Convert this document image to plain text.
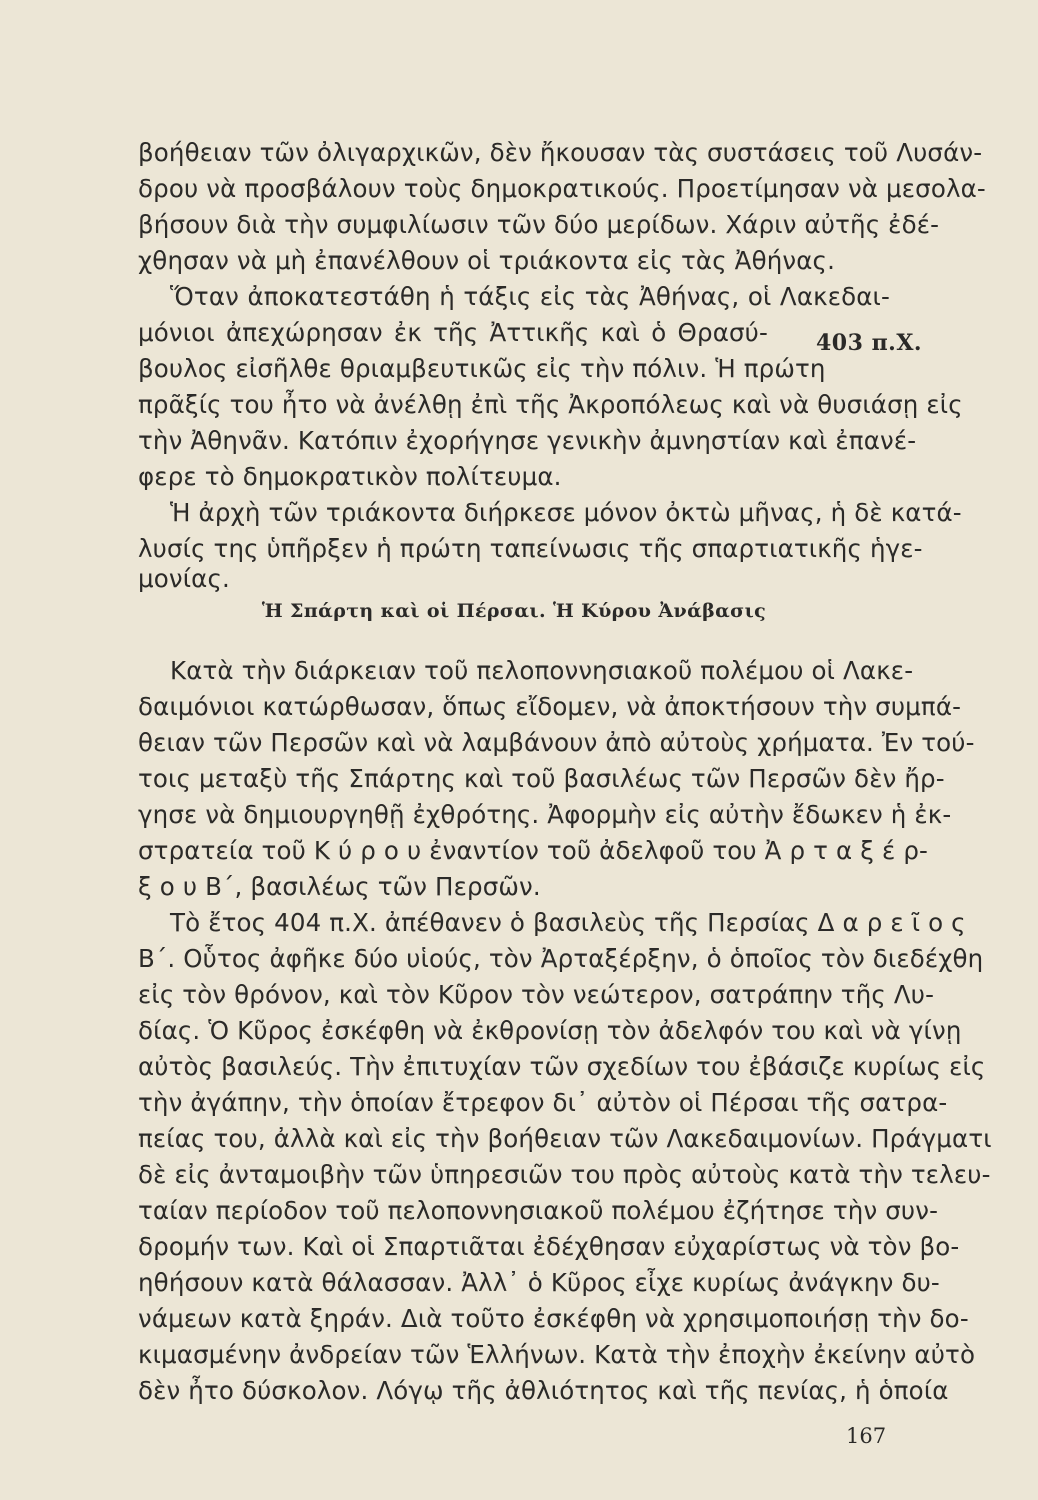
βοήθειαν τῶν ὀλιγαρχικῶν, δὲν ἤκουσαν τὰς συστάσεις τοῦ Λυσάν-
δρου νὰ προσβάλουν τοὺς δημοκρατικούς. Προετίμησαν νὰ μεσολα-
βήσουν διὰ τὴν συμφιλίωσιν τῶν δύο μερίδων. Χάριν αὐτῆς ἐδέ-
χθησαν νὰ μὴ ἐπανέλθουν οἱ τριάκοντα εἰς τὰς Ἀθήνας.
Ὅταν ἀποκατεστάθη ἡ τάξις εἰς τὰς Ἀθήνας, οἱ Λακεδαι-
μόνιοι ἀπεχώρησαν ἐκ τῆς Ἀττικῆς καὶ ὁ Θρασύ- 403 π.Χ.
βουλος εἰσῆλθε θριαμβευτικῶς εἰς τὴν πόλιν. Ἡ πρώτη
πρᾶξίς του ἦτο νὰ ἀνέλθῃ ἐπὶ τῆς Ἀκροπόλεως καὶ νὰ θυσιάσῃ εἰς
τὴν Ἀθηνᾶν. Κατόπιν ἐχορήγησε γενικὴν ἀμνηστίαν καὶ ἐπανέ-
φερε τὸ δημοκρατικὸν πολίτευμα.
Ἡ ἀρχὴ τῶν τριάκοντα διήρκεσε μόνον ὀκτὼ μῆνας, ἡ δὲ κατά-
λυσίς της ὑπῆρξεν ἡ πρώτη ταπείνωσις τῆς σπαρτιατικῆς ἡγε-
μονίας.
Ἡ Σπάρτη καὶ οἱ Πέρσαι. Ἡ Κύρου Ἀνάβασις
Κατὰ τὴν διάρκειαν τοῦ πελοποννησιακοῦ πολέμου οἱ Λακε-
δαιμόνιοι κατώρθωσαν, ὅπως εἴδομεν, νὰ ἀποκτήσουν τὴν συμπά-
θειαν τῶν Περσῶν καὶ νὰ λαμβάνουν ἀπὸ αὐτοὺς χρήματα. Ἐν τού-
τοις μεταξὺ τῆς Σπάρτης καὶ τοῦ βασιλέως τῶν Περσῶν δὲν ἤρ-
γησε νὰ δημιουργηθῇ ἐχθρότης. Ἀφορμὴν εἰς αὐτὴν ἔδωκεν ἡ ἐκ-
στρατεία τοῦ Κ ύ ρ ο υ ἐναντίον τοῦ ἀδελφοῦ του Ἀ ρ τ α ξ έ ρ-
ξ ο υ Β΄, βασιλέως τῶν Περσῶν.
Τὸ ἔτος 404 π.Χ. ἀπέθανεν ὁ βασιλεὺς τῆς Περσίας Δ α ρ ε ῖ ο ς
Β΄. Οὗτος ἀφῆκε δύο υἱούς, τὸν Ἀρταξέρξην, ὁ ὁποῖος τὸν διεδέχθη
εἰς τὸν θρόνον, καὶ τὸν Κῦρον τὸν νεώτερον, σατράπην τῆς Λυ-
δίας. Ὁ Κῦρος ἐσκέφθη νὰ ἐκθρονίσῃ τὸν ἀδελφόν του καὶ νὰ γίνῃ
αὐτὸς βασιλεύς. Τὴν ἐπιτυχίαν τῶν σχεδίων του ἐβάσιζε κυρίως εἰς
τὴν ἀγάπην, τὴν ὁποίαν ἔτρεφον δι᾽ αὐτὸν οἱ Πέρσαι τῆς σατρα-
πείας του, ἀλλὰ καὶ εἰς τὴν βοήθειαν τῶν Λακεδαιμονίων. Πράγματι
δὲ εἰς ἀνταμοιβὴν τῶν ὑπηρεσιῶν του πρὸς αὐτοὺς κατὰ τὴν τελευ-
ταίαν περίοδον τοῦ πελοποννησιακοῦ πολέμου ἐζήτησε τὴν συν-
δρομήν των. Καὶ οἱ Σπαρτιᾶται ἐδέχθησαν εὐχαρίστως νὰ τὸν βο-
ηθήσουν κατὰ θάλασσαν. Ἀλλ᾽ ὁ Κῦρος εἶχε κυρίως ἀνάγκην δυ-
νάμεων κατὰ ξηράν. Διὰ τοῦτο ἐσκέφθη νὰ χρησιμοποιήσῃ τὴν δο-
κιμασμένην ἀνδρείαν τῶν Ἑλλήνων. Κατὰ τὴν ἐποχὴν ἐκείνην αὐτὸ
δὲν ἦτο δύσκολον. Λόγῳ τῆς ἀθλιότητος καὶ τῆς πενίας, ἡ ὁποία
167
